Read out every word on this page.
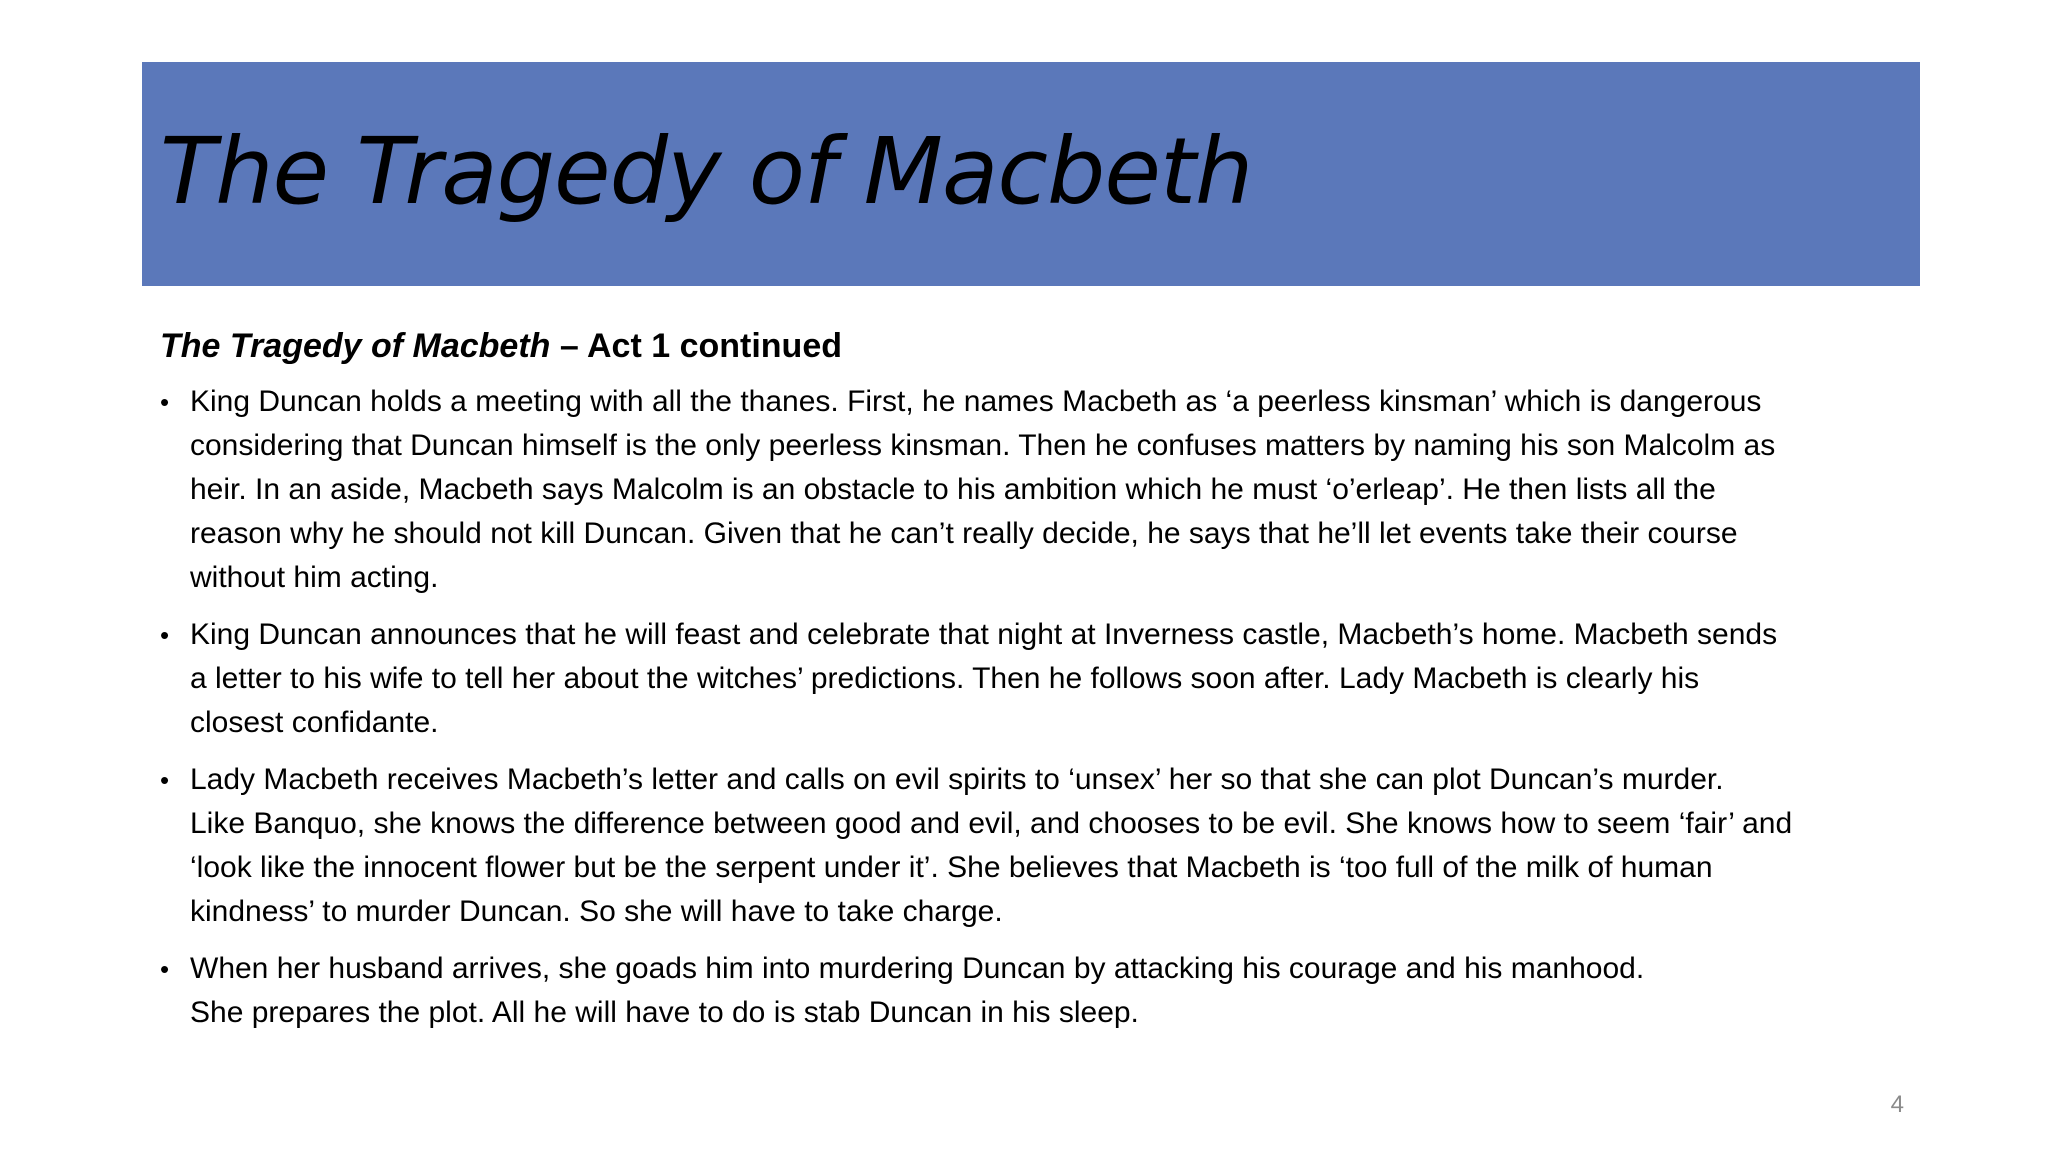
The Tragedy of Macbeth

The Tragedy of Macbeth – Act 1 continued

• King Duncan holds a meeting with all the thanes. First, he names Macbeth as ‘a peerless kinsman’ which is dangerous
considering that Duncan himself is the only peerless kinsman. Then he confuses matters by naming his son Malcolm as
heir. In an aside, Macbeth says Malcolm is an obstacle to his ambition which he must ‘o’erleap’. He then lists all the
reason why he should not kill Duncan. Given that he can’t really decide, he says that he’ll let events take their course
without him acting.
• King Duncan announces that he will feast and celebrate that night at Inverness castle, Macbeth’s home. Macbeth sends
a letter to his wife to tell her about the witches’ predictions. Then he follows soon after. Lady Macbeth is clearly his
closest confidante.
• Lady Macbeth receives Macbeth’s letter and calls on evil spirits to ‘unsex’ her so that she can plot Duncan’s murder.
Like Banquo, she knows the difference between good and evil, and chooses to be evil. She knows how to seem ‘fair’ and
‘look like the innocent flower but be the serpent under it’. She believes that Macbeth is ‘too full of the milk of human
kindness’ to murder Duncan. So she will have to take charge.
• When her husband arrives, she goads him into murdering Duncan by attacking his courage and his manhood.
She prepares the plot. All he will have to do is stab Duncan in his sleep.
4
